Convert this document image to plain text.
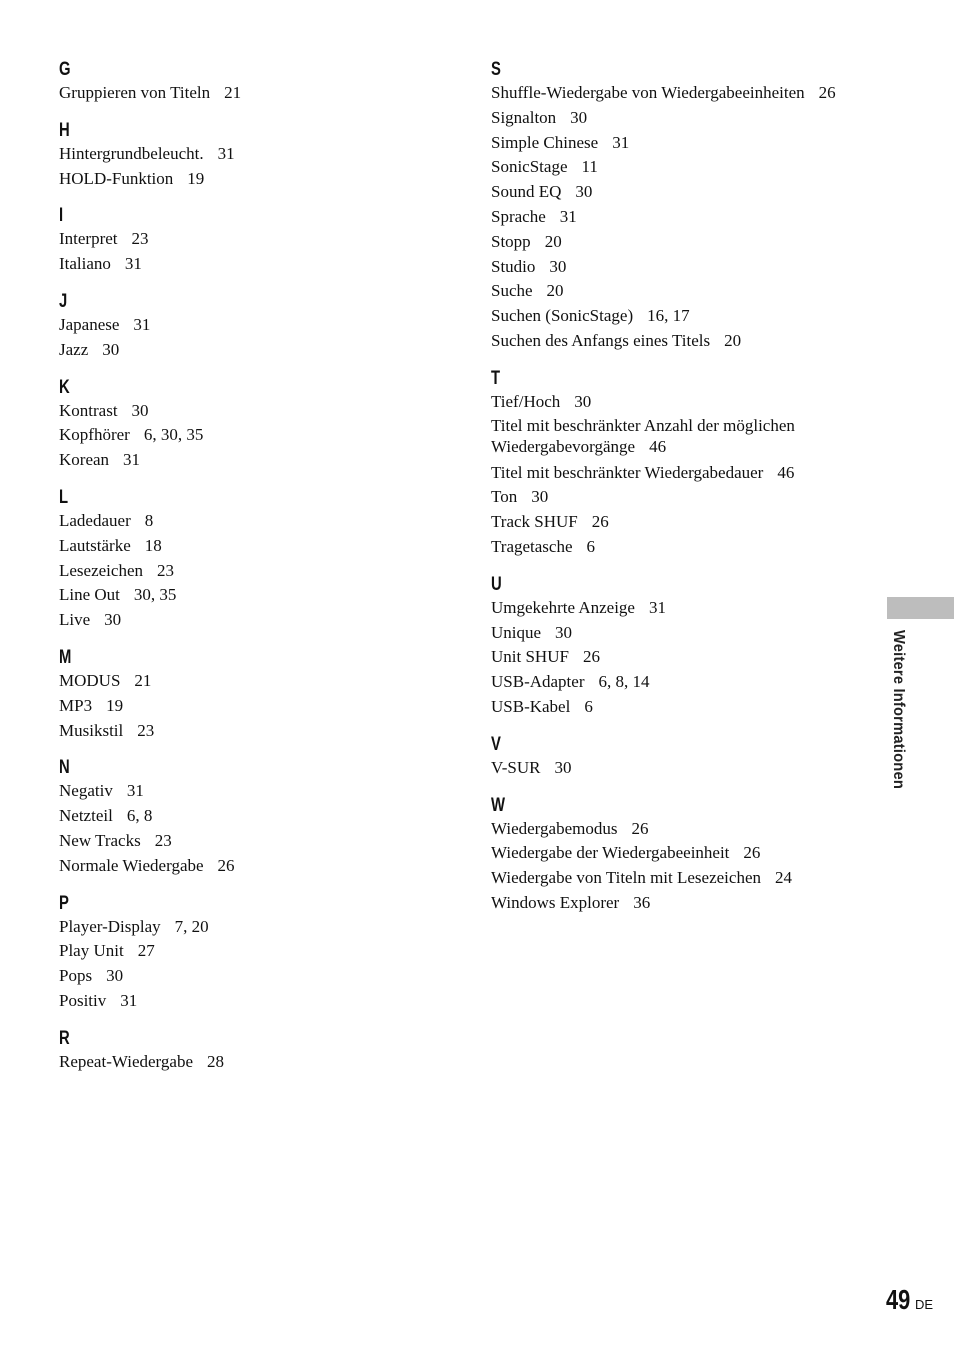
G
Gruppieren von Titeln 21
H
Hintergrundbeleucht. 31
HOLD-Funktion 19
I
Interpret 23
Italiano 31
J
Japanese 31
Jazz 30
K
Kontrast 30
Kopfhörer 6, 30, 35
Korean 31
L
Ladedauer 8
Lautstärke 18
Lesezeichen 23
Line Out 30, 35
Live 30
M
MODUS 21
MP3 19
Musikstil 23
N
Negativ 31
Netzteil 6, 8
New Tracks 23
Normale Wiedergabe 26
P
Player-Display 7, 20
Play Unit 27
Pops 30
Positiv 31
R
Repeat-Wiedergabe 28
S
Shuffle-Wiedergabe von Wiedergabeeinheiten 26
Signalton 30
Simple Chinese 31
SonicStage 11
Sound EQ 30
Sprache 31
Stopp 20
Studio 30
Suche 20
Suchen (SonicStage) 16, 17
Suchen des Anfangs eines Titels 20
T
Tief/Hoch 30
Titel mit beschränkter Anzahl der möglichen Wiedergabevorgänge 46
Titel mit beschränkter Wiedergabedauer 46
Ton 30
Track SHUF 26
Tragetasche 6
U
Umgekehrte Anzeige 31
Unique 30
Unit SHUF 26
USB-Adapter 6, 8, 14
USB-Kabel 6
V
V-SUR 30
W
Wiedergabemodus 26
Wiedergabe der Wiedergabeeinheit 26
Wiedergabe von Titeln mit Lesezeichen 24
Windows Explorer 36
Weitere Informationen
49 DE
